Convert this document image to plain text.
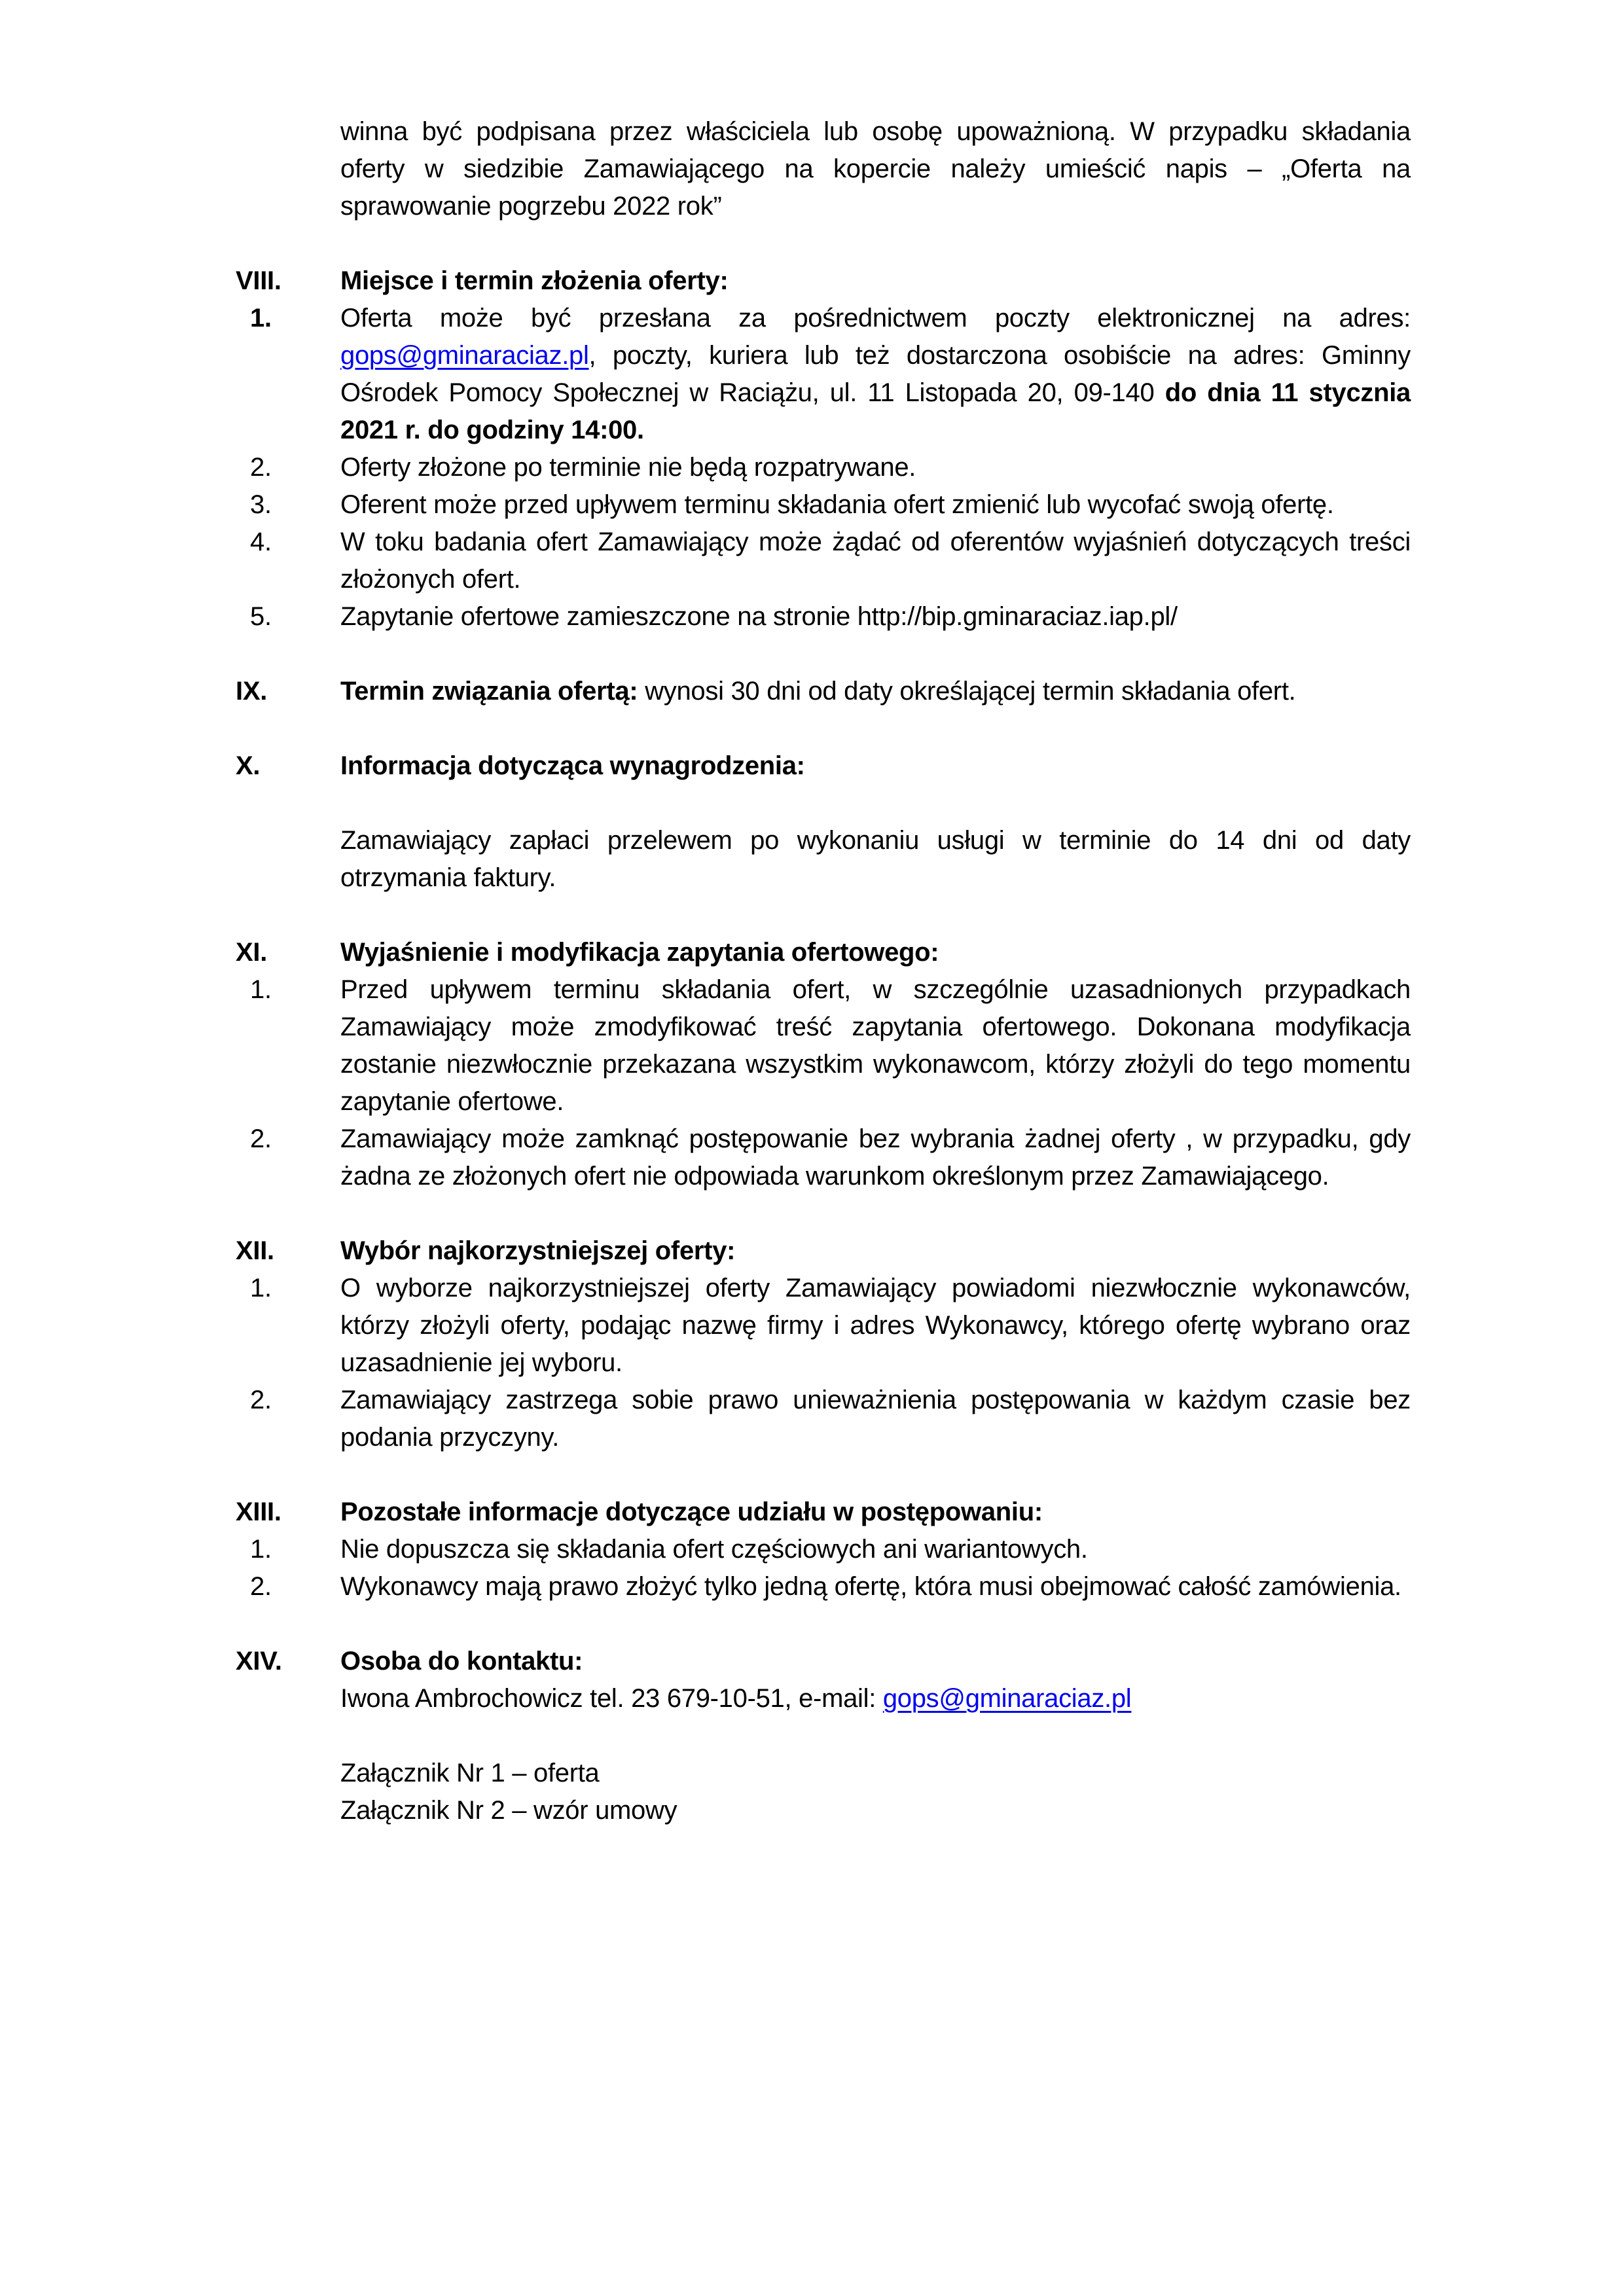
winna być podpisana przez właściciela lub osobę upoważnioną. W przypadku składania oferty w siedzibie Zamawiającego na kopercie należy umieścić napis – „Oferta na sprawowanie pogrzebu 2022 rok”
VIII.	Miejsce i termin złożenia oferty:
1.	Oferta może być przesłana za pośrednictwem poczty elektronicznej na adres: gops@gminaraciaz.pl, poczty, kuriera lub też dostarczona osobiście na adres: Gminny Ośrodek Pomocy Społecznej w Raciążu, ul. 11 Listopada 20, 09-140 do dnia 11 stycznia 2021 r. do godziny 14:00.
2.	Oferty złożone po terminie nie będą rozpatrywane.
3.	Oferent może przed upływem terminu składania ofert zmienić lub wycofać swoją ofertę.
4.	W toku badania ofert Zamawiający może żądać od oferentów wyjaśnień dotyczących treści złożonych ofert.
5.	Zapytanie ofertowe zamieszczone na stronie http://bip.gminaraciaz.iap.pl/
IX.	Termin związania ofertą: wynosi 30 dni od daty określającej termin składania ofert.
X.	Informacja dotycząca wynagrodzenia:
Zamawiający zapłaci przelewem po wykonaniu usługi w terminie do 14 dni od daty otrzymania faktury.
XI.	Wyjaśnienie i modyfikacja zapytania ofertowego:
1.	Przed upływem terminu składania ofert, w szczególnie uzasadnionych przypadkach Zamawiający może zmodyfikować treść zapytania ofertowego. Dokonana modyfikacja zostanie niezwłocznie przekazana wszystkim wykonawcom, którzy złożyli do tego momentu zapytanie ofertowe.
2.	Zamawiający może zamknąć postępowanie bez wybrania żadnej oferty , w przypadku, gdy żadna ze złożonych ofert nie odpowiada warunkom określonym przez Zamawiającego.
XII.	Wybór najkorzystniejszej oferty:
1.	O wyborze najkorzystniejszej oferty Zamawiający powiadomi niezwłocznie wykonawców, którzy złożyli oferty, podając nazwę firmy i adres Wykonawcy, którego ofertę wybrano oraz uzasadnienie jej wyboru.
2.	Zamawiający zastrzega sobie prawo unieważnienia postępowania w każdym czasie bez podania przyczyny.
XIII.	Pozostałe informacje dotyczące udziału w postępowaniu:
1.	Nie dopuszcza się składania ofert częściowych ani wariantowych.
2.	Wykonawcy mają prawo złożyć tylko jedną ofertę, która musi obejmować całość zamówienia.
XIV.	Osoba do kontaktu:
Iwona Ambrochowicz tel. 23 679-10-51, e-mail: gops@gminaraciaz.pl
Załącznik Nr 1 – oferta
Załącznik Nr 2 – wzór umowy
